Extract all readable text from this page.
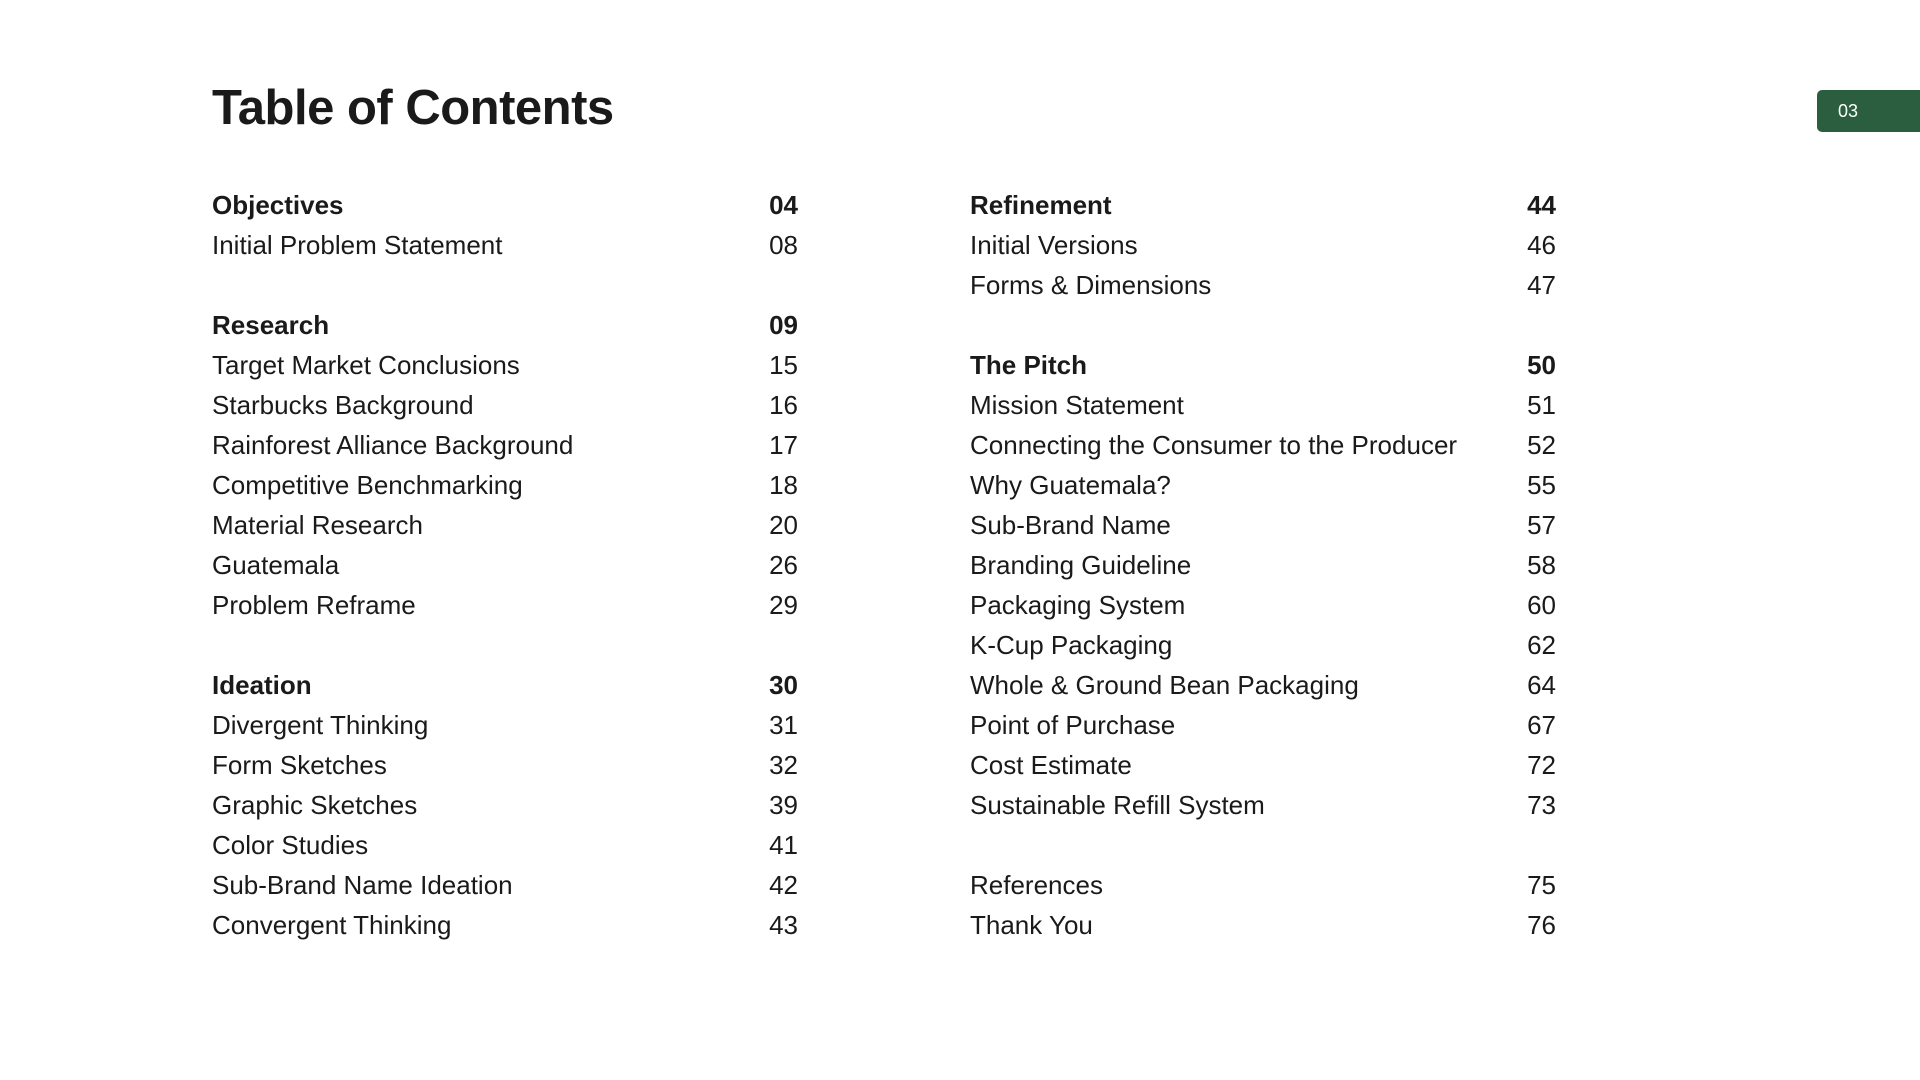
Table of Contents	03
Objectives	04
Initial Problem Statement	08
Research	09
Target Market Conclusions	15
Starbucks Background	16
Rainforest Alliance Background	17
Competitive Benchmarking	18
Material Research	20
Guatemala	26
Problem Reframe	29
Ideation	30
Divergent Thinking	31
Form Sketches	32
Graphic Sketches	39
Color Studies	41
Sub-Brand Name Ideation	42
Convergent Thinking	43
Refinement	44
Initial Versions	46
Forms & Dimensions	47
The Pitch	50
Mission Statement	51
Connecting the Consumer to the Producer	52
Why Guatemala?	55
Sub-Brand Name	57
Branding Guideline	58
Packaging System	60
K-Cup Packaging	62
Whole & Ground Bean Packaging	64
Point of Purchase	67
Cost Estimate	72
Sustainable Refill System	73
References	75
Thank You	76
